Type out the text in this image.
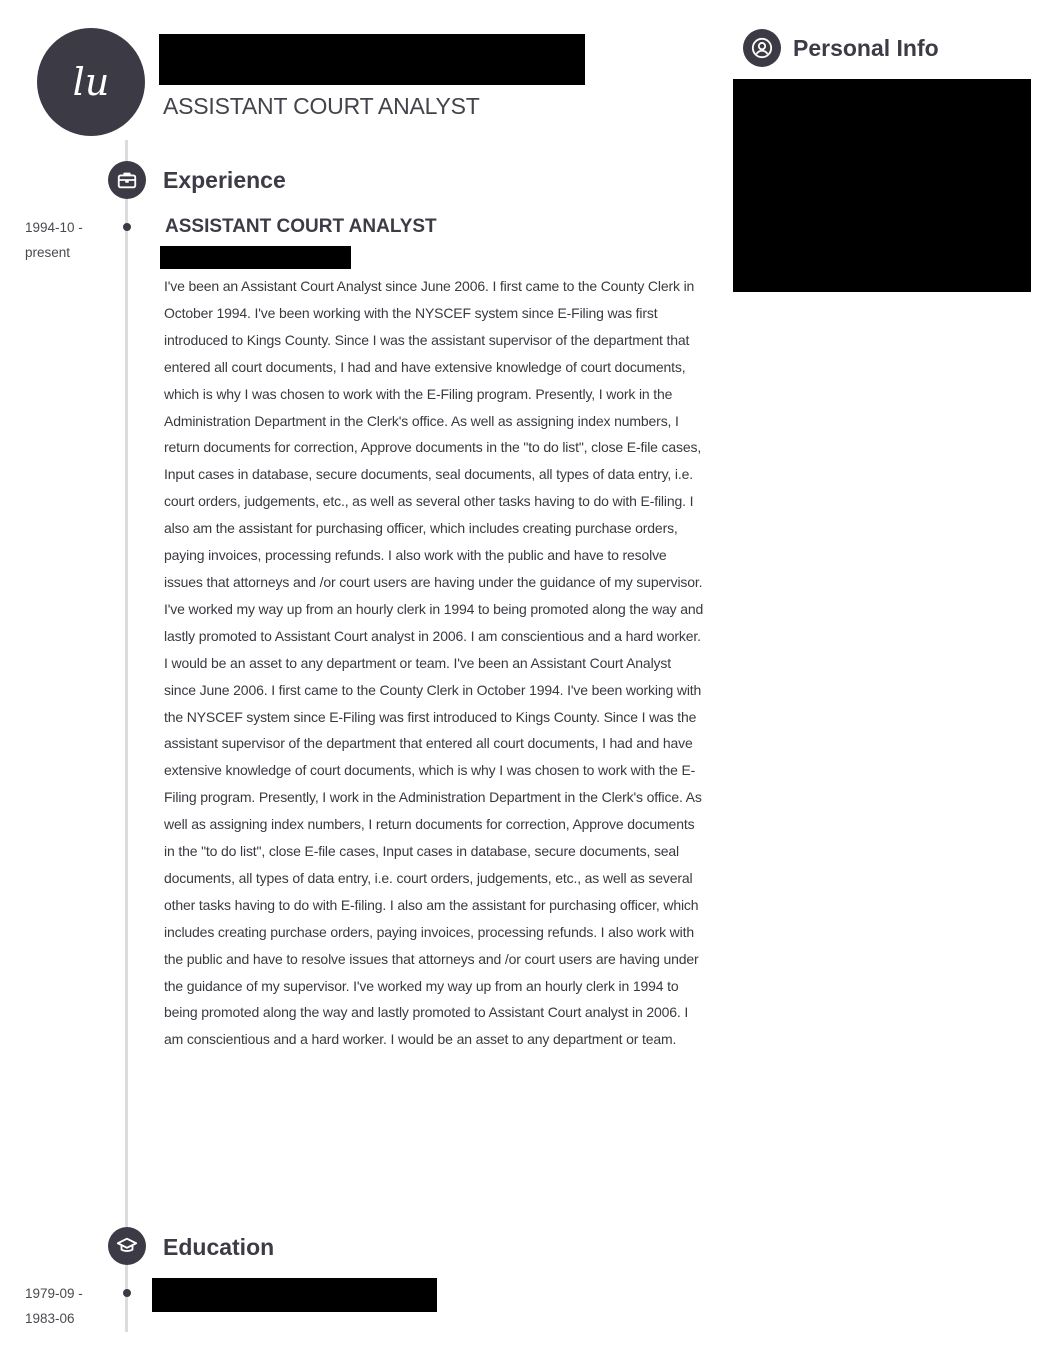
lu
ASSISTANT COURT ANALYST
Experience
1994-10 -
present
ASSISTANT COURT ANALYST
I've been an Assistant Court Analyst since June 2006. I first came to the County Clerk in October 1994. I've been working with the NYSCEF system since E-Filing was first introduced to Kings County. Since I was the assistant supervisor of the department that entered all court documents, I had and have extensive knowledge of court documents, which is why I was chosen to work with the E-Filing program. Presently, I work in the Administration Department in the Clerk's office. As well as assigning index numbers, I return documents for correction, Approve documents in the "to do list", close E-file cases, Input cases in database, secure documents, seal documents, all types of data entry, i.e. court orders, judgements, etc., as well as several other tasks having to do with E-filing. I also am the assistant for purchasing officer, which includes creating purchase orders, paying invoices, processing refunds. I also work with the public and have to resolve issues that attorneys and /or court users are having under the guidance of my supervisor. I've worked my way up from an hourly clerk in 1994 to being promoted along the way and lastly promoted to Assistant Court analyst in 2006. I am conscientious and a hard worker. I would be an asset to any department or team. I've been an Assistant Court Analyst since June 2006. I first came to the County Clerk in October 1994. I've been working with the NYSCEF system since E-Filing was first introduced to Kings County. Since I was the assistant supervisor of the department that entered all court documents, I had and have extensive knowledge of court documents, which is why I was chosen to work with the E-Filing program. Presently, I work in the Administration Department in the Clerk's office. As well as assigning index numbers, I return documents for correction, Approve documents in the "to do list", close E-file cases, Input cases in database, secure documents, seal documents, all types of data entry, i.e. court orders, judgements, etc., as well as several other tasks having to do with E-filing. I also am the assistant for purchasing officer, which includes creating purchase orders, paying invoices, processing refunds. I also work with the public and have to resolve issues that attorneys and /or court users are having under the guidance of my supervisor. I've worked my way up from an hourly clerk in 1994 to being promoted along the way and lastly promoted to Assistant Court analyst in 2006. I am conscientious and a hard worker. I would be an asset to any department or team.
Education
1979-09 -
1983-06
Personal Info
